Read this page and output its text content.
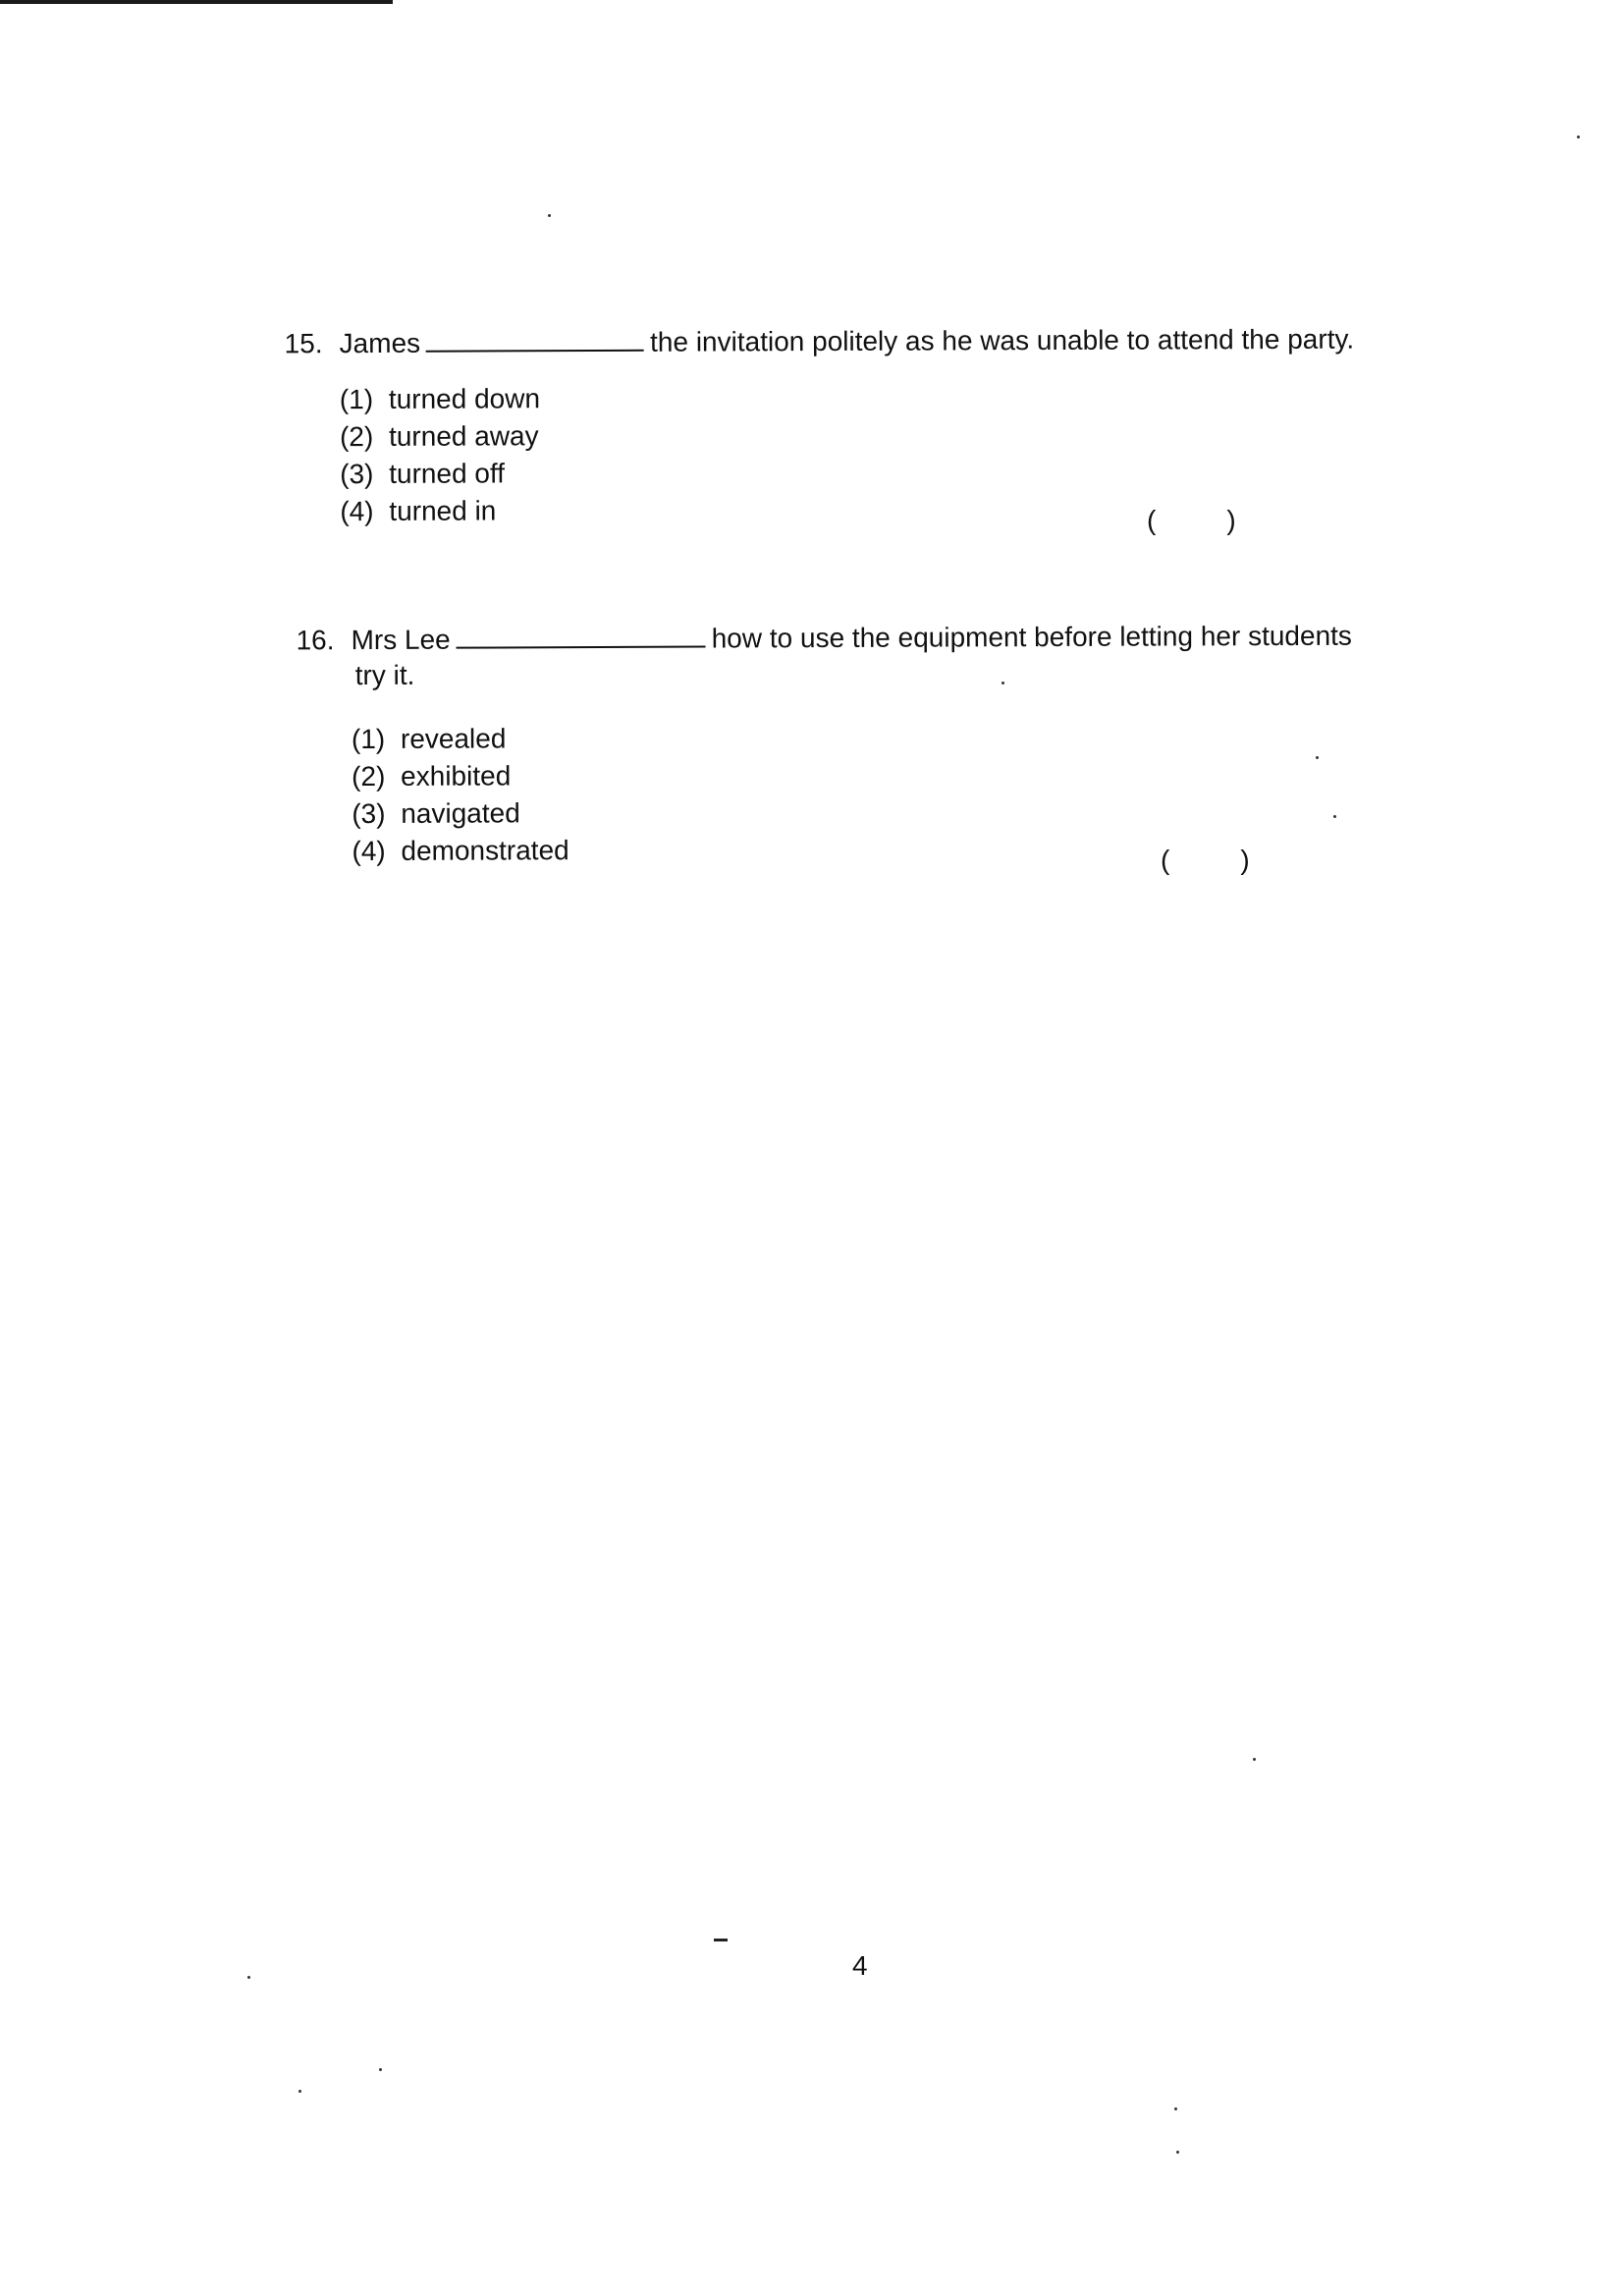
15. James	the invitation politely as he was unable to attend the party.
(1) turned down
(2) turned away
(3) turned off
(4) turned in	(	)
16. Mrs Lee	how to use the equipment before letting her students
try it.
(1) revealed
(2) exhibited
(3) navigated
(4) demonstrated	(	)
4
